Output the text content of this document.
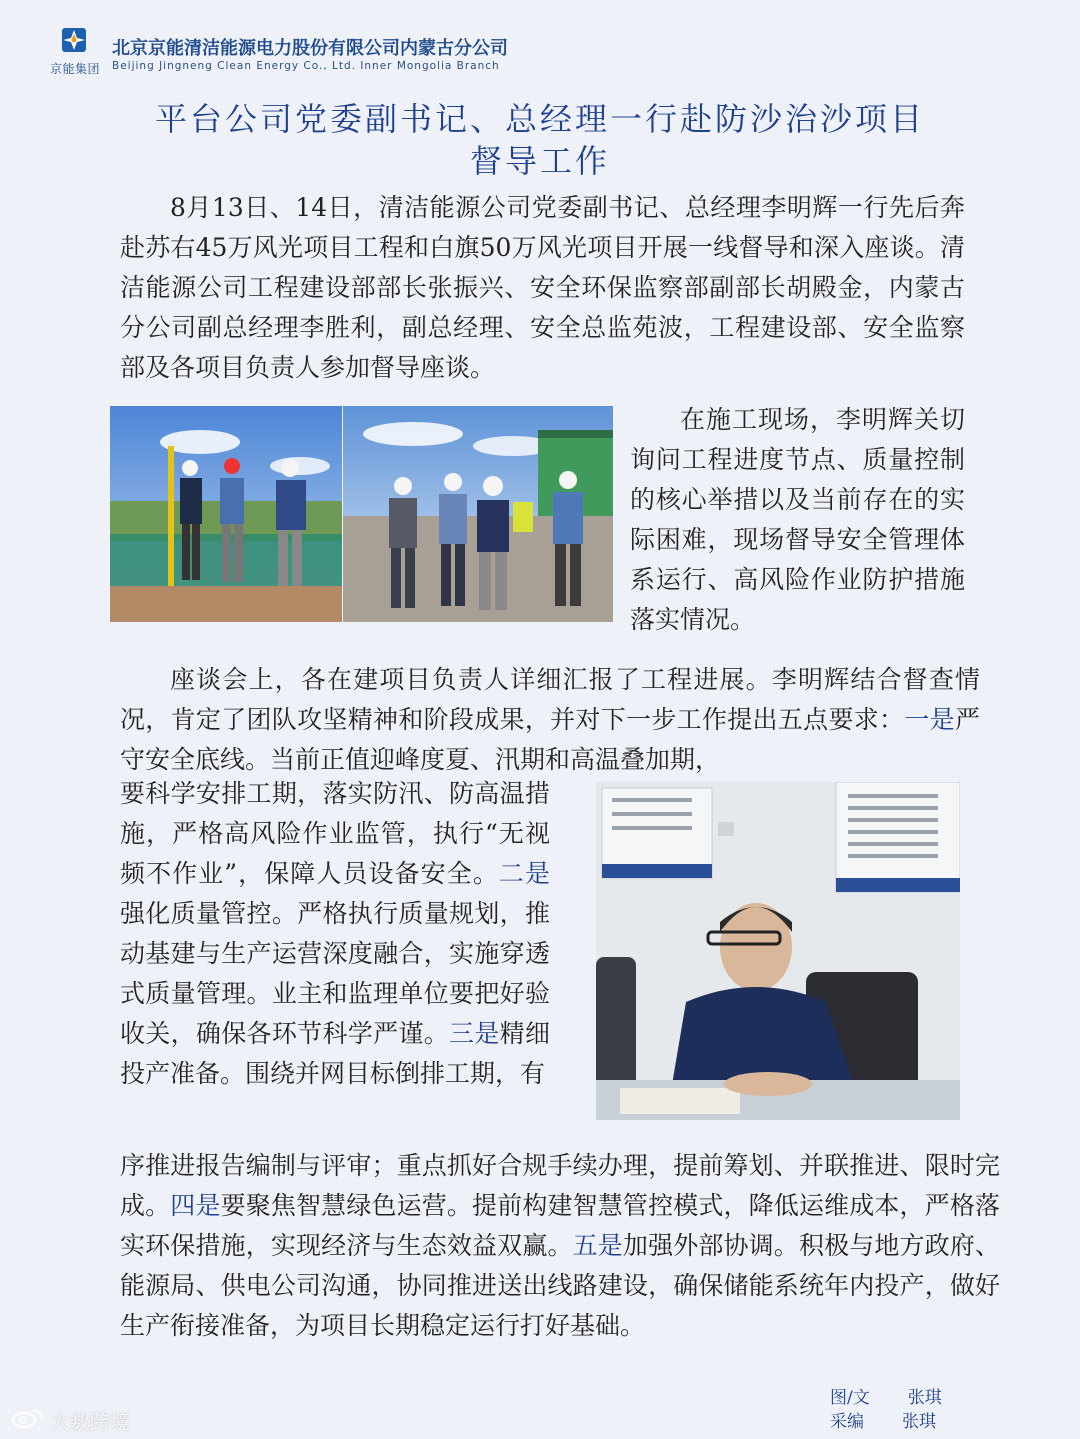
京能集团
北京京能清洁能源电力股份有限公司内蒙古分公司
Beijing Jingneng Clean Energy Co., Ltd. Inner Mongolia Branch
平台公司党委副书记、总经理一行赴防沙治沙项目
督导工作
8月13日、14日，清洁能源公司党委副书记、总经理李明辉一行先后奔赴苏右45万风光项目工程和白旗50万风光项目开展一线督导和深入座谈。清洁能源公司工程建设部部长张振兴、安全环保监察部副部长胡殿金，内蒙古分公司副总经理李胜利，副总经理、安全总监苑波，工程建设部、安全监察部及各项目负责人参加督导座谈。
在施工现场，李明辉关切询问工程进度节点、质量控制的核心举措以及当前存在的实际困难，现场督导安全管理体系运行、高风险作业防护措施落实情况。
座谈会上，各在建项目负责人详细汇报了工程进展。李明辉结合督查情况，肯定了团队攻坚精神和阶段成果，并对下一步工作提出五点要求：一是严守安全底线。当前正值迎峰度夏、汛期和高温叠加期，
要科学安排工期，落实防汛、防高温措施，严格高风险作业监管，执行“无视频不作业”，保障人员设备安全。二是强化质量管控。严格执行质量规划，推动基建与生产运营深度融合，实施穿透式质量管理。业主和监理单位要把好验收关，确保各环节科学严谨。三是精细投产准备。围绕并网目标倒排工期，有
序推进报告编制与评审；重点抓好合规手续办理，提前筹划、并联推进、限时完成。四是要聚焦智慧绿色运营。提前构建智慧管控模式，降低运维成本，严格落实环保措施，实现经济与生态效益双赢。五是加强外部协调。积极与地方政府、能源局、供电公司沟通，协同推进送出线路建设，确保储能系统年内投产，做好生产衔接准备，为项目长期稳定运行打好基础。
图/文 张琪
采编 张琪
大数跨境
